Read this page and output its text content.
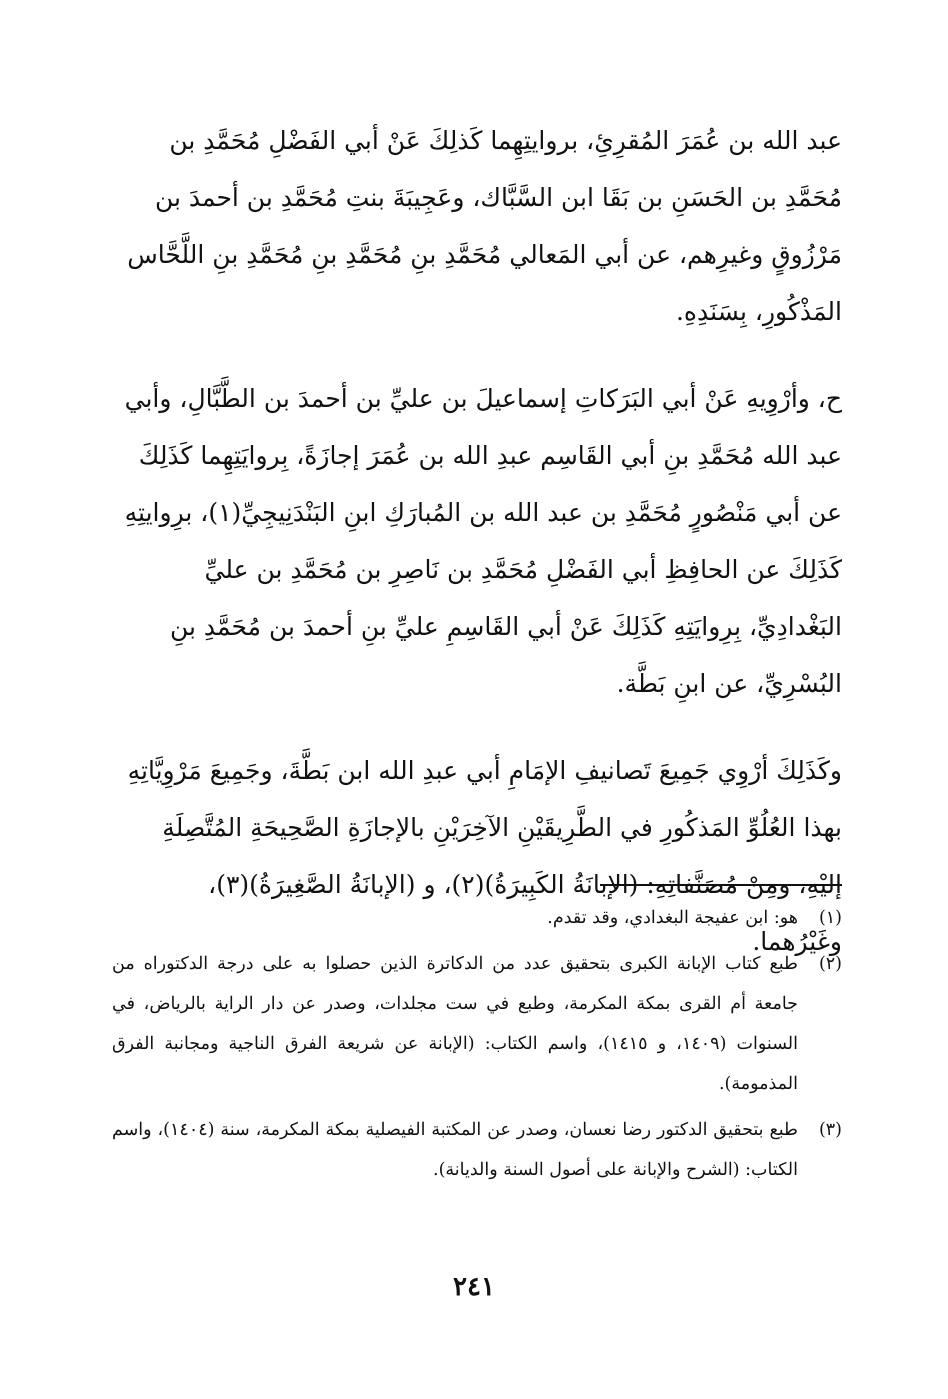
عبد الله بن عُمَرَ المُقرِئِ، بروايتِهِما كَذلِكَ عَنْ أبي الفَضْلِ مُحَمَّدِ بن مُحَمَّدِ بن الحَسَنِ بن بَقَا ابن السَّبَّاك، وعَجِيبَةَ بنتِ مُحَمَّدِ بن أحمدَ بن مَرْزُوقٍ وغيرِهم، عن أبي المَعالي مُحَمَّدِ بنِ مُحَمَّدِ بنِ مُحَمَّدِ بنِ اللَّحَّاس المَذْكُورِ، بِسَنَدِهِ.

ح، وأرْوِيهِ عَنْ أبي البَرَكاتِ إسماعيلَ بن عليِّ بن أحمدَ بن الطَّبَّالِ، وأبي عبد الله مُحَمَّدِ بنِ أبي القَاسِم عبدِ الله بن عُمَرَ إجازَةً، بِروايَتِهِما كَذَلِكَ عن أبي مَنْصُورٍ مُحَمَّدِ بن عبد الله بن المُبارَكِ ابنِ البَنْدَنِيجِيِّ(١)، برِوايتِهِ كَذَلِكَ عن الحافِظِ أبي الفَضْلِ مُحَمَّدِ بن نَاصِرِ بن مُحَمَّدِ بن عليِّ البَغْدادِيِّ، بِرِوايَتِهِ كَذَلِكَ عَنْ أبي القَاسِمِ عليِّ بنِ أحمدَ بن مُحَمَّدِ بنِ البُسْرِيِّ، عن ابنِ بَطَّة.

وكَذَلِكَ أرْوِي جَمِيعَ تَصانيفِ الإمَامِ أبي عبدِ الله ابن بَطَّةَ، وجَمِيعَ مَرْوِيَّاتِهِ بهذا العُلُوِّ المَذكُورِ في الطَّرِيقَيْنِ الآخِرَيْنِ بالإجازَةِ الصَّحِيحَةِ المُتَّصِلَةِ إليْهِ، ومِنْ مُصَنَّفاتِهِ: (الإبانَةُ الكَبِيرَةُ)(٢)، و (الإبانَةُ الصَّغِيرَةُ)(٣)، وغَيْرُهما.

(١)
هو: ابن عفيجة البغدادي، وقد تقدم.
(٢)
طبع كتاب الإبانة الكبرى بتحقيق عدد من الدكاترة الذين حصلوا به على درجة الدكتوراه من جامعة أم القرى بمكة المكرمة، وطبع في ست مجلدات، وصدر عن دار الراية بالرياض، في السنوات (١٤٠٩، و ١٤١٥)، واسم الكتاب: (الإبانة عن شريعة الفرق الناجية ومجانبة الفرق المذمومة).
(٣)
طبع بتحقيق الدكتور رضا نعسان، وصدر عن المكتبة الفيصلية بمكة المكرمة، سنة (١٤٠٤)، واسم الكتاب: (الشرح والإبانة على أصول السنة والديانة).
٢٤١
